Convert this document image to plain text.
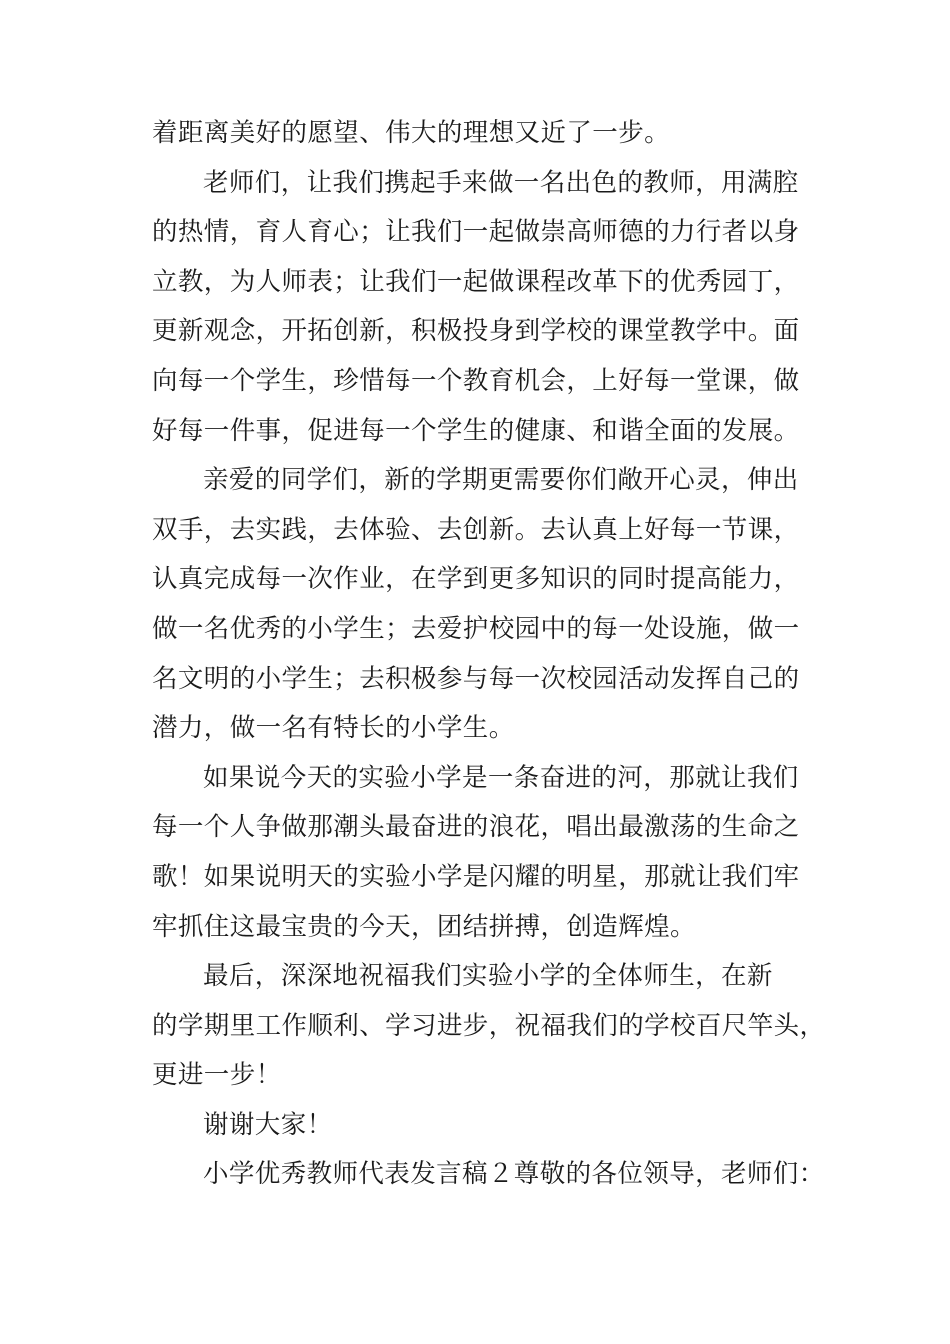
着距离美好的愿望、伟大的理想又近了一步。
老师们，让我们携起手来做一名出色的教师，用满腔
的热情，育人育心；让我们一起做崇高师德的力行者以身
立教，为人师表；让我们一起做课程改革下的优秀园丁，
更新观念，开拓创新，积极投身到学校的课堂教学中。面
向每一个学生，珍惜每一个教育机会，上好每一堂课，做
好每一件事，促进每一个学生的健康、和谐全面的发展。
亲爱的同学们，新的学期更需要你们敞开心灵，伸出
双手，去实践，去体验、去创新。去认真上好每一节课，
认真完成每一次作业，在学到更多知识的同时提高能力，
做一名优秀的小学生；去爱护校园中的每一处设施，做一
名文明的小学生；去积极参与每一次校园活动发挥自己的
潜力，做一名有特长的小学生。
如果说今天的实验小学是一条奋进的河，那就让我们
每一个人争做那潮头最奋进的浪花，唱出最激荡的生命之
歌！如果说明天的实验小学是闪耀的明星，那就让我们牢
牢抓住这最宝贵的今天，团结拼搏，创造辉煌。
最后，深深地祝福我们实验小学的全体师生，在新
的学期里工作顺利、学习进步，祝福我们的学校百尺竿头，
更进一步！
谢谢大家！
小学优秀教师代表发言稿２尊敬的各位领导，老师们：
